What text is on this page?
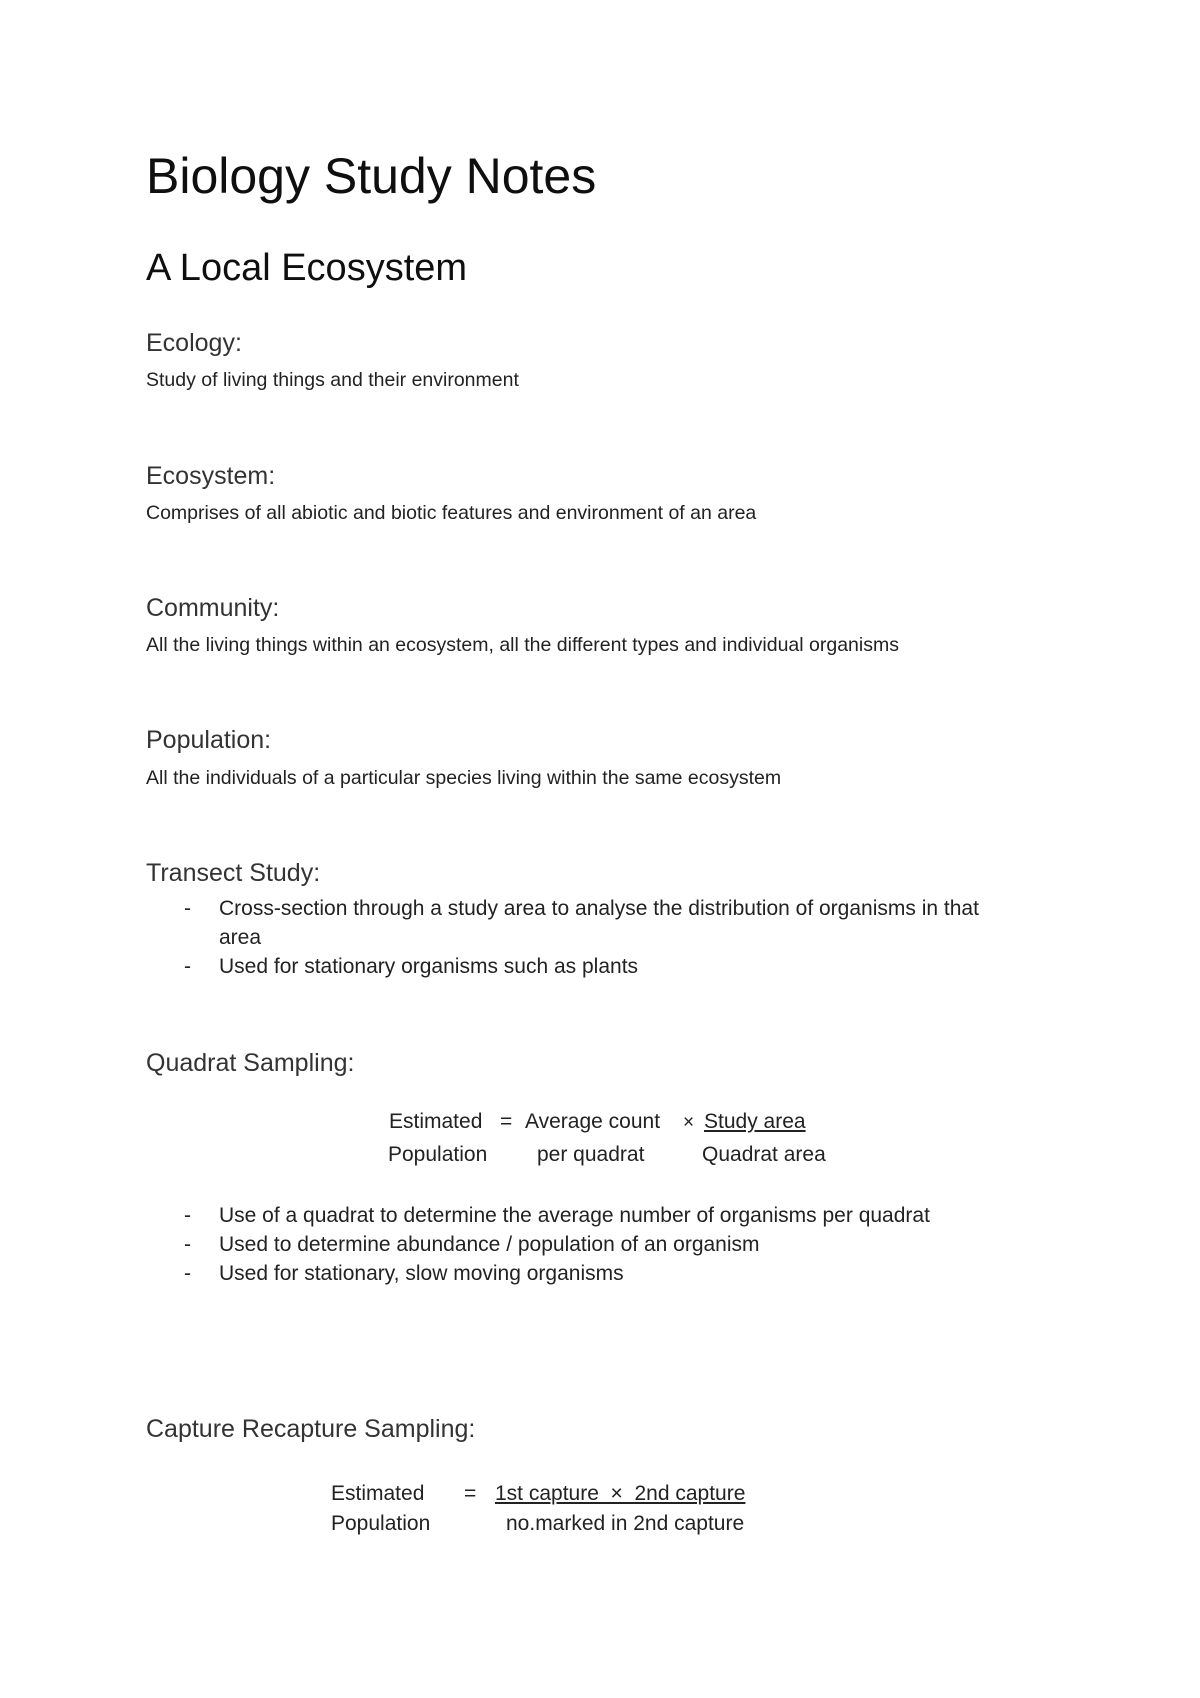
Biology Study Notes
A Local Ecosystem
Ecology:
Study of living things and their environment
Ecosystem:
Comprises of all abiotic and biotic features and environment of an area
Community:
All the living things within an ecosystem, all the different types and individual organisms
Population:
All the individuals of a particular species living within the same ecosystem
Transect Study:
- Cross-section through a study area to analyse the distribution of organisms in that
area
- Used for stationary organisms such as plants
Quadrat Sampling:
Estimated = Average count × Study area
Population per quadrat	Quadrat area
- Use of a quadrat to determine the average number of organisms per quadrat
- Used to determine abundance / population of an organism
- Used for stationary, slow moving organisms
Capture Recapture Sampling:
Estimated = 1st capture  ×  2nd capture
Population	no.marked in 2nd capture
